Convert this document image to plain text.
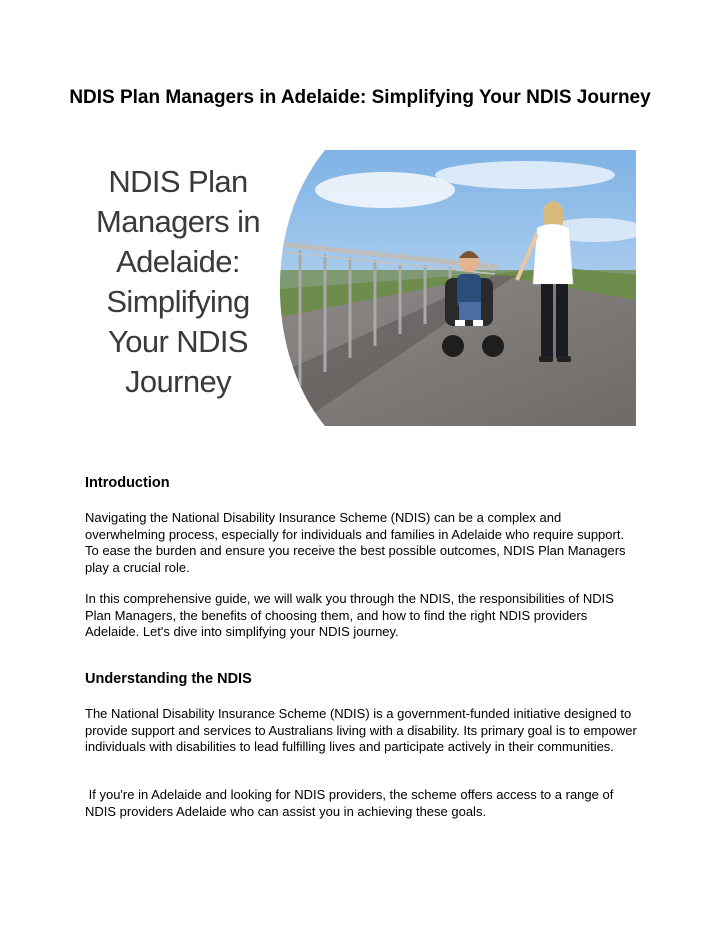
NDIS Plan Managers in Adelaide: Simplifying Your NDIS Journey
NDIS Plan
Managers in
Adelaide:
Simplifying
Your NDIS
Journey
Introduction

Navigating the National Disability Insurance Scheme (NDIS) can be a complex and overwhelming process, especially for individuals and families in Adelaide who require support. To ease the burden and ensure you receive the best possible outcomes, NDIS Plan Managers play a crucial role.

In this comprehensive guide, we will walk you through the NDIS, the responsibilities of NDIS Plan Managers, the benefits of choosing them, and how to find the right NDIS providers Adelaide. Let's dive into simplifying your NDIS journey.

Understanding the NDIS

The National Disability Insurance Scheme (NDIS) is a government-funded initiative designed to provide support and services to Australians living with a disability. Its primary goal is to empower individuals with disabilities to lead fulfilling lives and participate actively in their communities.

If you're in Adelaide and looking for NDIS providers, the scheme offers access to a range of NDIS providers Adelaide who can assist you in achieving these goals.
